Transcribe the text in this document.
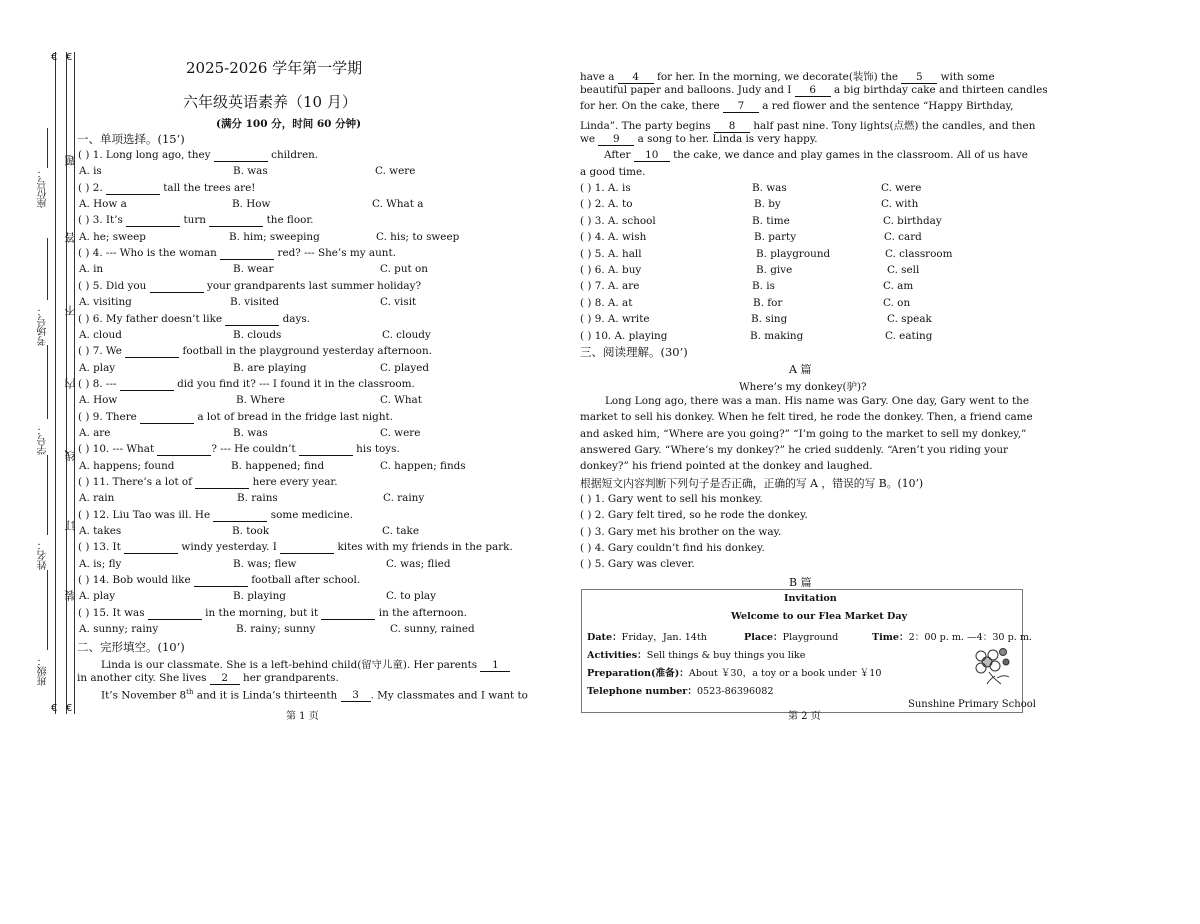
€ €
€ €
座位号：
考场号：
学号：
姓名：
班级：
题
答
不
内
线
订
装
2025-2026 学年第一学期
六年级英语素养（10 月）
(满分 100 分，时间 60 分钟)
一、单项选择。(15’)
( ) 1. Long long ago, they	children.
A. is	B. was	C. were
( ) 2.	tall the trees are!
A. How a	B. How	C. What a
( ) 3. It’s	turn	the floor.
A. he; sweep	B. him; sweeping	C. his; to sweep
( ) 4. --- Who is the woman	red? --- She’s my aunt.
A. in	B. wear	C. put on
( ) 5. Did you	your grandparents last summer holiday?
A. visiting	B. visited	C. visit
( ) 6. My father doesn’t like	days.
A. cloud	B. clouds	C. cloudy
( ) 7. We	football in the playground yesterday afternoon.
A. play	B. are playing	C. played
( ) 8. ---	did you find it? --- I found it in the classroom.
A. How	B. Where	C. What
( ) 9. There	a lot of bread in the fridge last night.
A. are	B. was	C. were
( ) 10. --- What	? --- He couldn’t	his toys.
A. happens; found	B. happened; find	C. happen; finds
( ) 11. There’s a lot of	here every year.
A. rain	B. rains	C. rainy
( ) 12. Liu Tao was ill. He	some medicine.
A. takes	B. took	C. take
( ) 13. It	windy yesterday. I	kites with my friends in the park.
A. is; fly	B. was; flew	C. was; flied
( ) 14. Bob would like	football after school.
A. play	B. playing	C. to play
( ) 15. It was	in the morning, but it	in the afternoon.
A. sunny; rainy	B. rainy; sunny	C. sunny, rained
二、完形填空。(10’)
Linda is our classmate. She is a left-behind child(留守儿童). Her parents 1
in another city. She lives 2 her grandparents.
It’s November 8th and it is Linda’s thirteenth 3 . My classmates and I want to
第 1 页
have a 4 for her. In the morning, we decorate(装饰) the 5 with some
beautiful paper and balloons. Judy and I 6 a big birthday cake and thirteen candles
for her. On the cake, there 7 a red flower and the sentence “Happy Birthday,
Linda”. The party begins 8 half past nine. Tony lights(点燃) the candles, and then
we 9 a song to her. Linda is very happy.
After 10 the cake, we dance and play games in the classroom. All of us have
a good time.
( ) 1. A. is	B. was	C. were
( ) 2. A. to	B. by	C. with
( ) 3. A. school	B. time	C. birthday
( ) 4. A. wish	B. party	C. card
( ) 5. A. hall	B. playground	C. classroom
( ) 6. A. buy	B. give	C. sell
( ) 7. A. are	B. is	C. am
( ) 8. A. at	B. for	C. on
( ) 9. A. write	B. sing	C. speak
( ) 10. A. playing	B. making	C. eating
三、阅读理解。(30’)
A 篇
Where’s my donkey(驴)?
Long Long ago, there was a man. His name was Gary. One day, Gary went to the
market to sell his donkey. When he felt tired, he rode the donkey. Then, a friend came
and asked him, “Where are you going?” “I’m going to the market to sell my donkey,”
answered Gary. “Where’s my donkey?” he cried suddenly. “Aren’t you riding your
donkey?” his friend pointed at the donkey and laughed.
根据短文内容判断下列句子是否正确，正确的写 A ，错误的写 B。(10’)
( ) 1. Gary went to sell his monkey.
( ) 2. Gary felt tired, so he rode the donkey.
( ) 3. Gary met his brother on the way.
( ) 4. Gary couldn’t find his donkey.
( ) 5. Gary was clever.
B 篇
Invitation
Welcome to our Flea Market Day
Date：Friday，Jan. 14th	Place：Playground	Time：2：00 p. m. —4：30 p. m.
Activities：Sell things & buy things you like
Preparation(准备)：About ￥30，a toy or a book under ￥10
Telephone number：0523-86396082
Sunshine Primary School
第 2 页
